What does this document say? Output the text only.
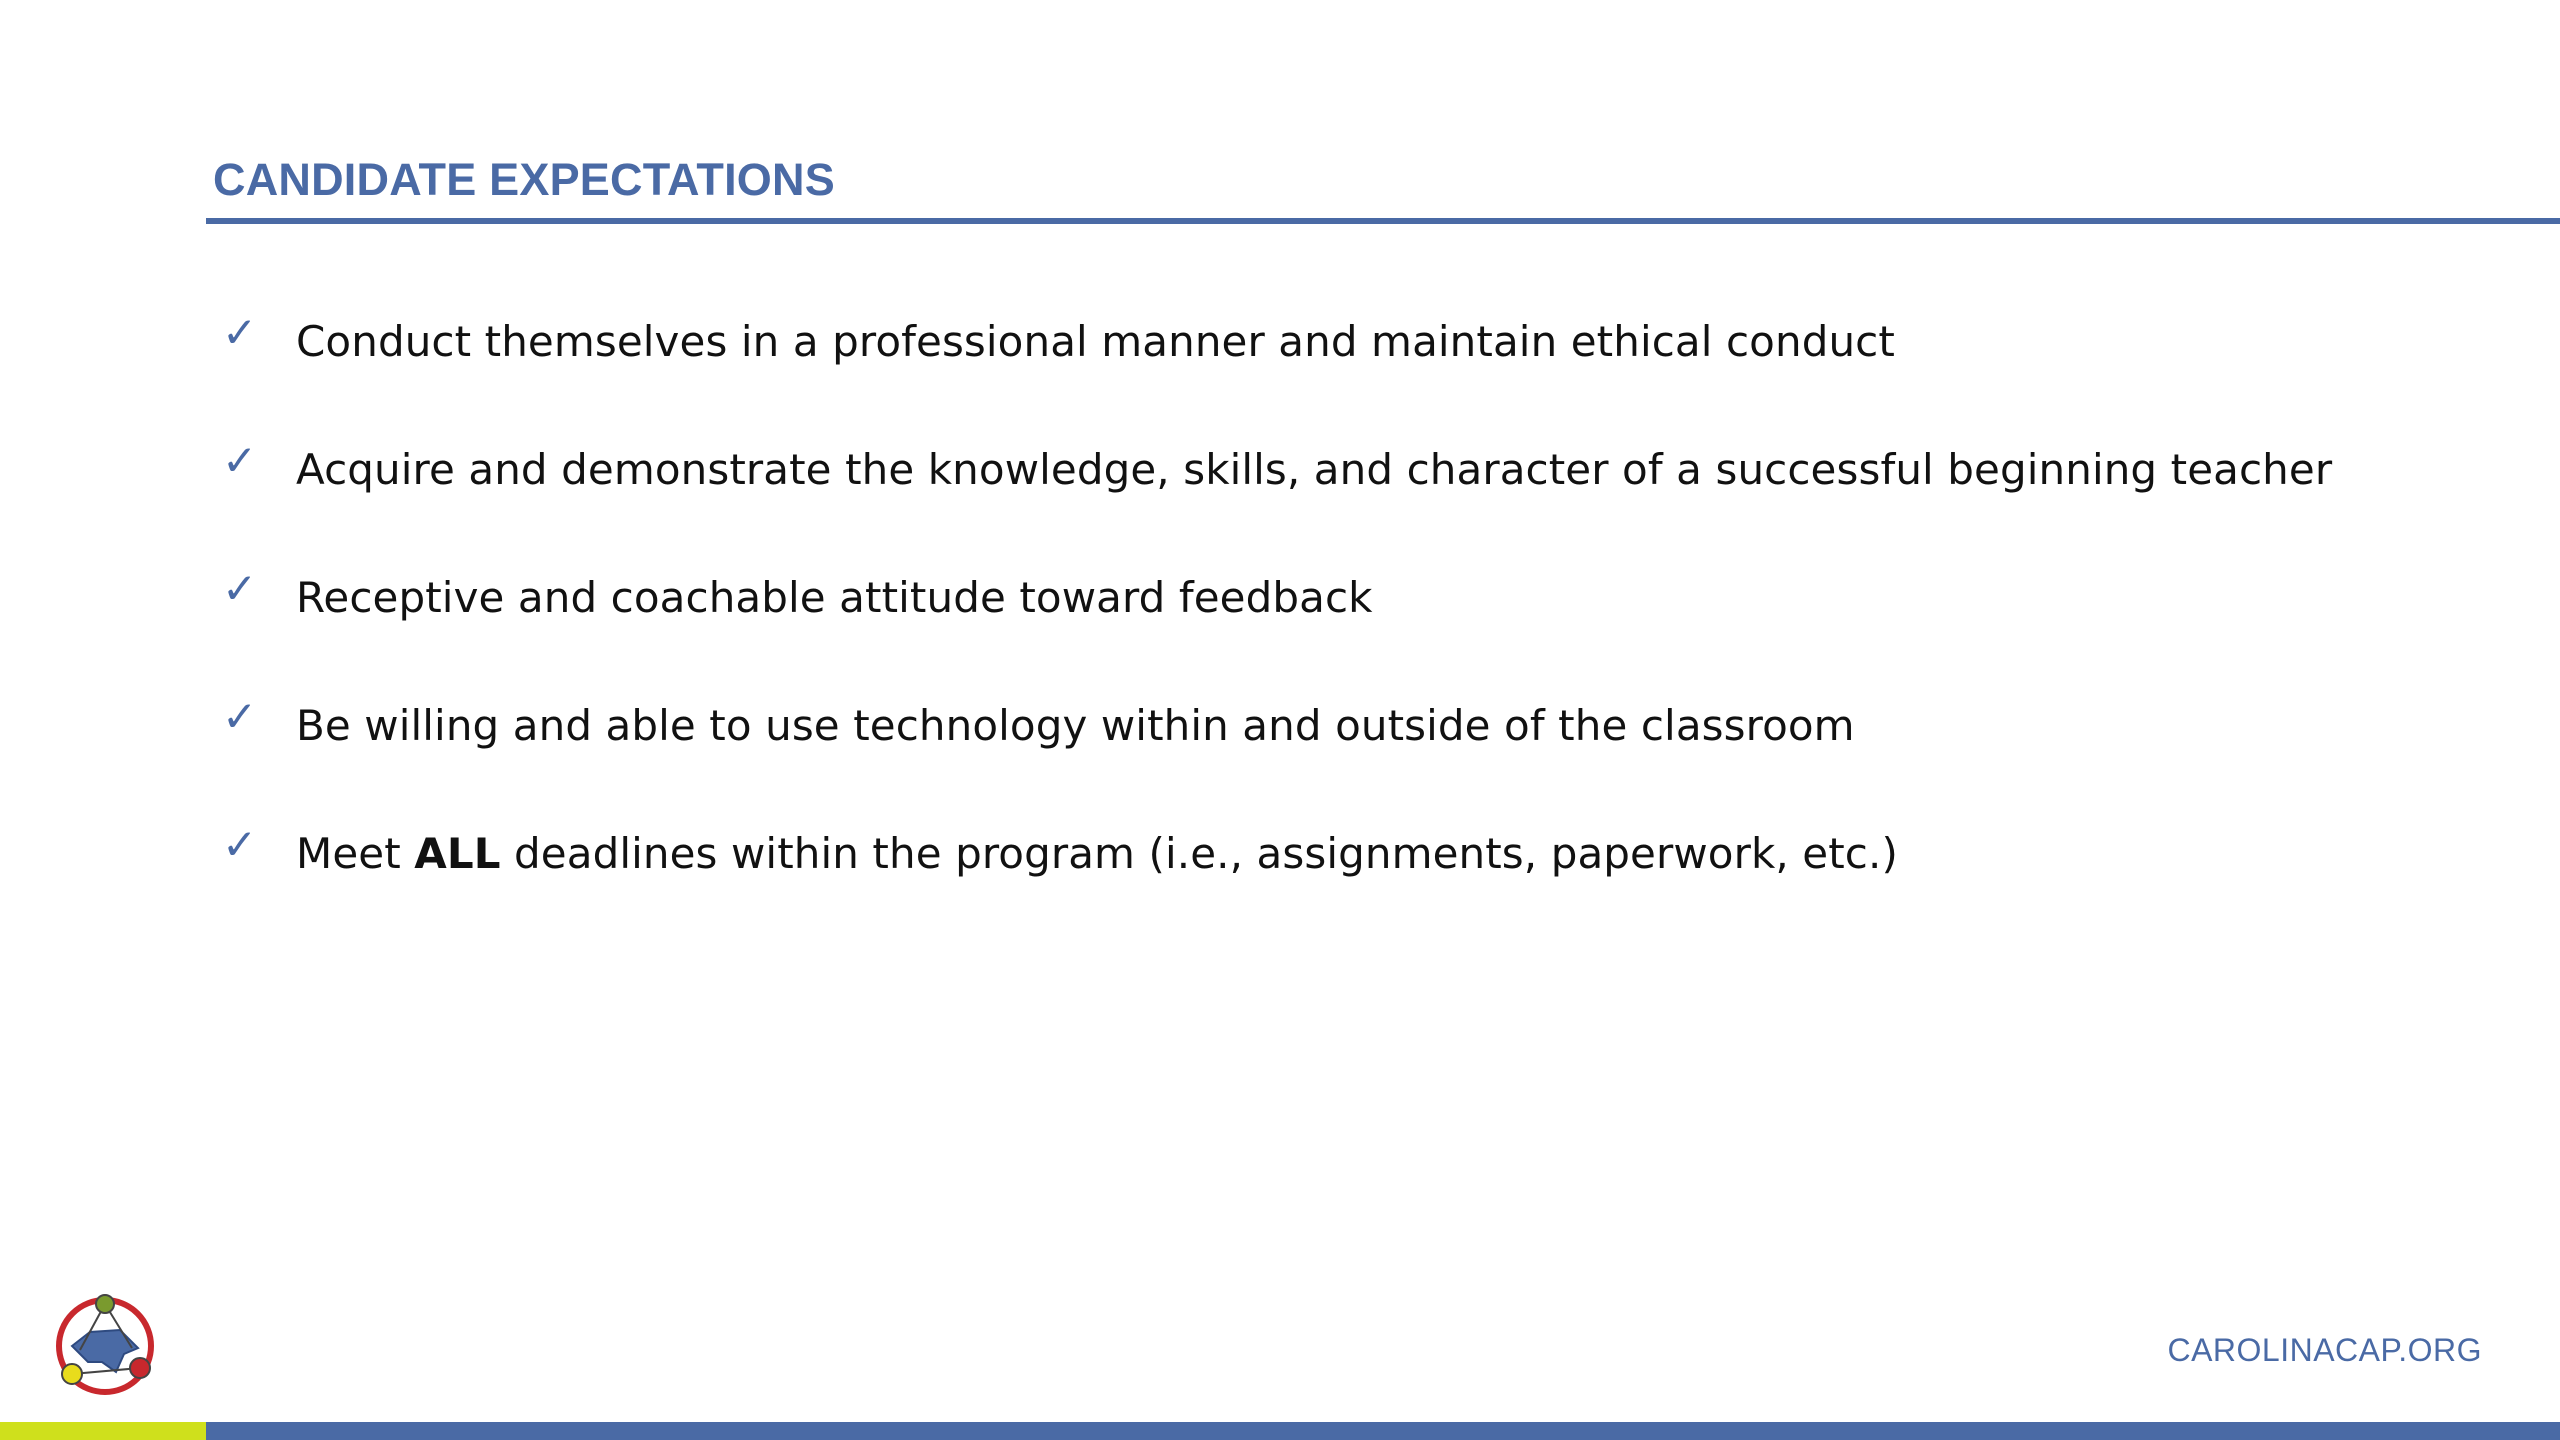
CANDIDATE EXPECTATIONS
✓ Conduct themselves in a professional manner and maintain ethical conduct
✓ Acquire and demonstrate the knowledge, skills, and character of a successful beginning teacher
✓ Receptive and coachable attitude toward feedback
✓ Be willing and able to use technology within and outside of the classroom
✓ Meet ALL deadlines within the program (i.e., assignments, paperwork, etc.)
CAROLINACAP.ORG
